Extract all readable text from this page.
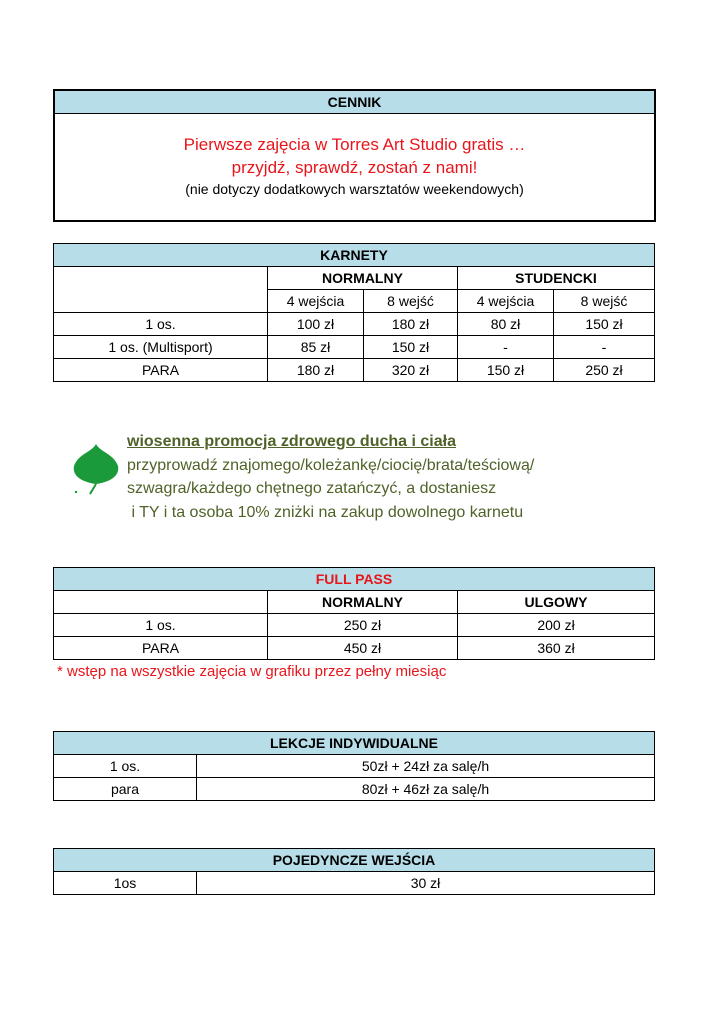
CENNIK
Pierwsze zajęcia w Torres Art Studio gratis …
przyjdź, sprawdź, zostań z nami!
(nie dotyczy dodatkowych warsztatów weekendowych)
KARNETY				
	NORMALNY		STUDENCKI	
	4 wejścia	8 wejść	4 wejścia	8 wejść
1 os.	100 zł	180 zł	80 zł	150 zł
1 os. (Multisport)	85 zł	150 zł	-	-
PARA	180 zł	320 zł	150 zł	250 zł
wiosenna promocja zdrowego ducha i ciała
przyprowadź znajomego/koleżankę/ciocię/brata/teściową/
szwagra/każdego chętnego zatańczyć, a dostaniesz
i TY i ta osoba 10% zniżki na zakup dowolnego karnetu
FULL PASS		
	NORMALNY	ULGOWY
1 os.	250 zł	200 zł
PARA	450 zł	360 zł
* wstęp na wszystkie zajęcia w grafiku przez pełny miesiąc
LEKCJE INDYWIDUALNE	
1 os.	50zł + 24zł za salę/h
para	80zł + 46zł za salę/h
POJEDYNCZE WEJŚCIA
1os	30 zł
